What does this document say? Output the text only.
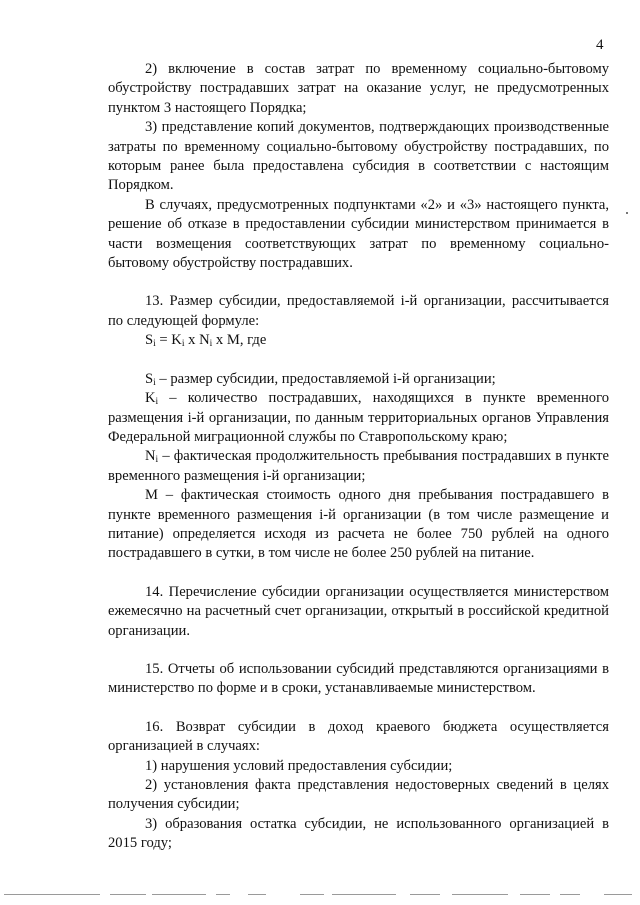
4

2) включение в состав затрат по временному социально-бытовому обустройству пострадавших затрат на оказание услуг, не предусмотренных пунктом 3 настоящего Порядка;

3) представление копий документов, подтверждающих производственные затраты по временному социально-бытовому обустройству пострадавших, по которым ранее была предоставлена субсидия в соответствии с настоящим Порядком.

В случаях, предусмотренных подпунктами «2» и «3» настоящего пункта, решение об отказе в предоставлении субсидии министерством принимается в части возмещения соответствующих затрат по временному социально-бытовому обустройству пострадавших.

13. Размер субсидии, предоставляемой i-й организации, рассчитывается по следующей формуле:

$S_i = K_i$ x $N_i$ x M, где

$S_i$ – размер субсидии, предоставляемой i-й организации;

$K_i$ – количество пострадавших, находящихся в пункте временного размещения i-й организации, по данным территориальных органов Управления Федеральной миграционной службы по Ставропольскому краю;

$N_i$ – фактическая продолжительность пребывания пострадавших в пункте временного размещения i-й организации;

М – фактическая стоимость одного дня пребывания пострадавшего в пункте временного размещения i-й организации (в том числе размещение и питание) определяется исходя из расчета не более 750 рублей на одного пострадавшего в сутки, в том числе не более 250 рублей на питание.

14. Перечисление субсидии организации осуществляется министерством ежемесячно на расчетный счет организации, открытый в российской кредитной организации.

15. Отчеты об использовании субсидий представляются организациями в министерство по форме и в сроки, устанавливаемые министерством.

16. Возврат субсидии в доход краевого бюджета осуществляется организацией в случаях:

1) нарушения условий предоставления субсидии;

2) установления факта представления недостоверных сведений в целях получения субсидии;

3) образования остатка субсидии, не использованного организацией в 2015 году;
